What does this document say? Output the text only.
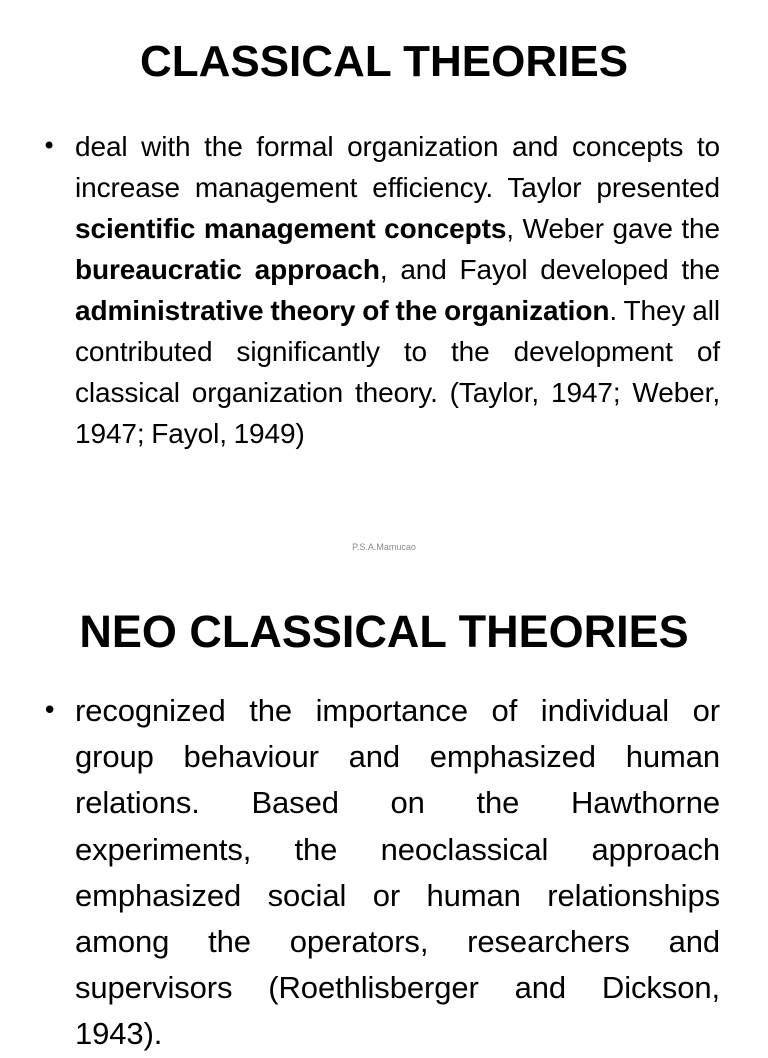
CLASSICAL THEORIES
• deal with the formal organization and concepts to increase management efficiency. Taylor presented scientific management concepts, Weber gave the bureaucratic approach, and Fayol developed the administrative theory of the organization. They all contributed significantly to the development of classical organization theory. (Taylor, 1947; Weber, 1947; Fayol, 1949)

P.S.A.Mamucao
NEO CLASSICAL THEORIES
• recognized the importance of individual or group behaviour and emphasized human relations. Based on the Hawthorne experiments, the neoclassical approach emphasized social or human relationships among the operators, researchers and supervisors (Roethlisberger and Dickson, 1943).
